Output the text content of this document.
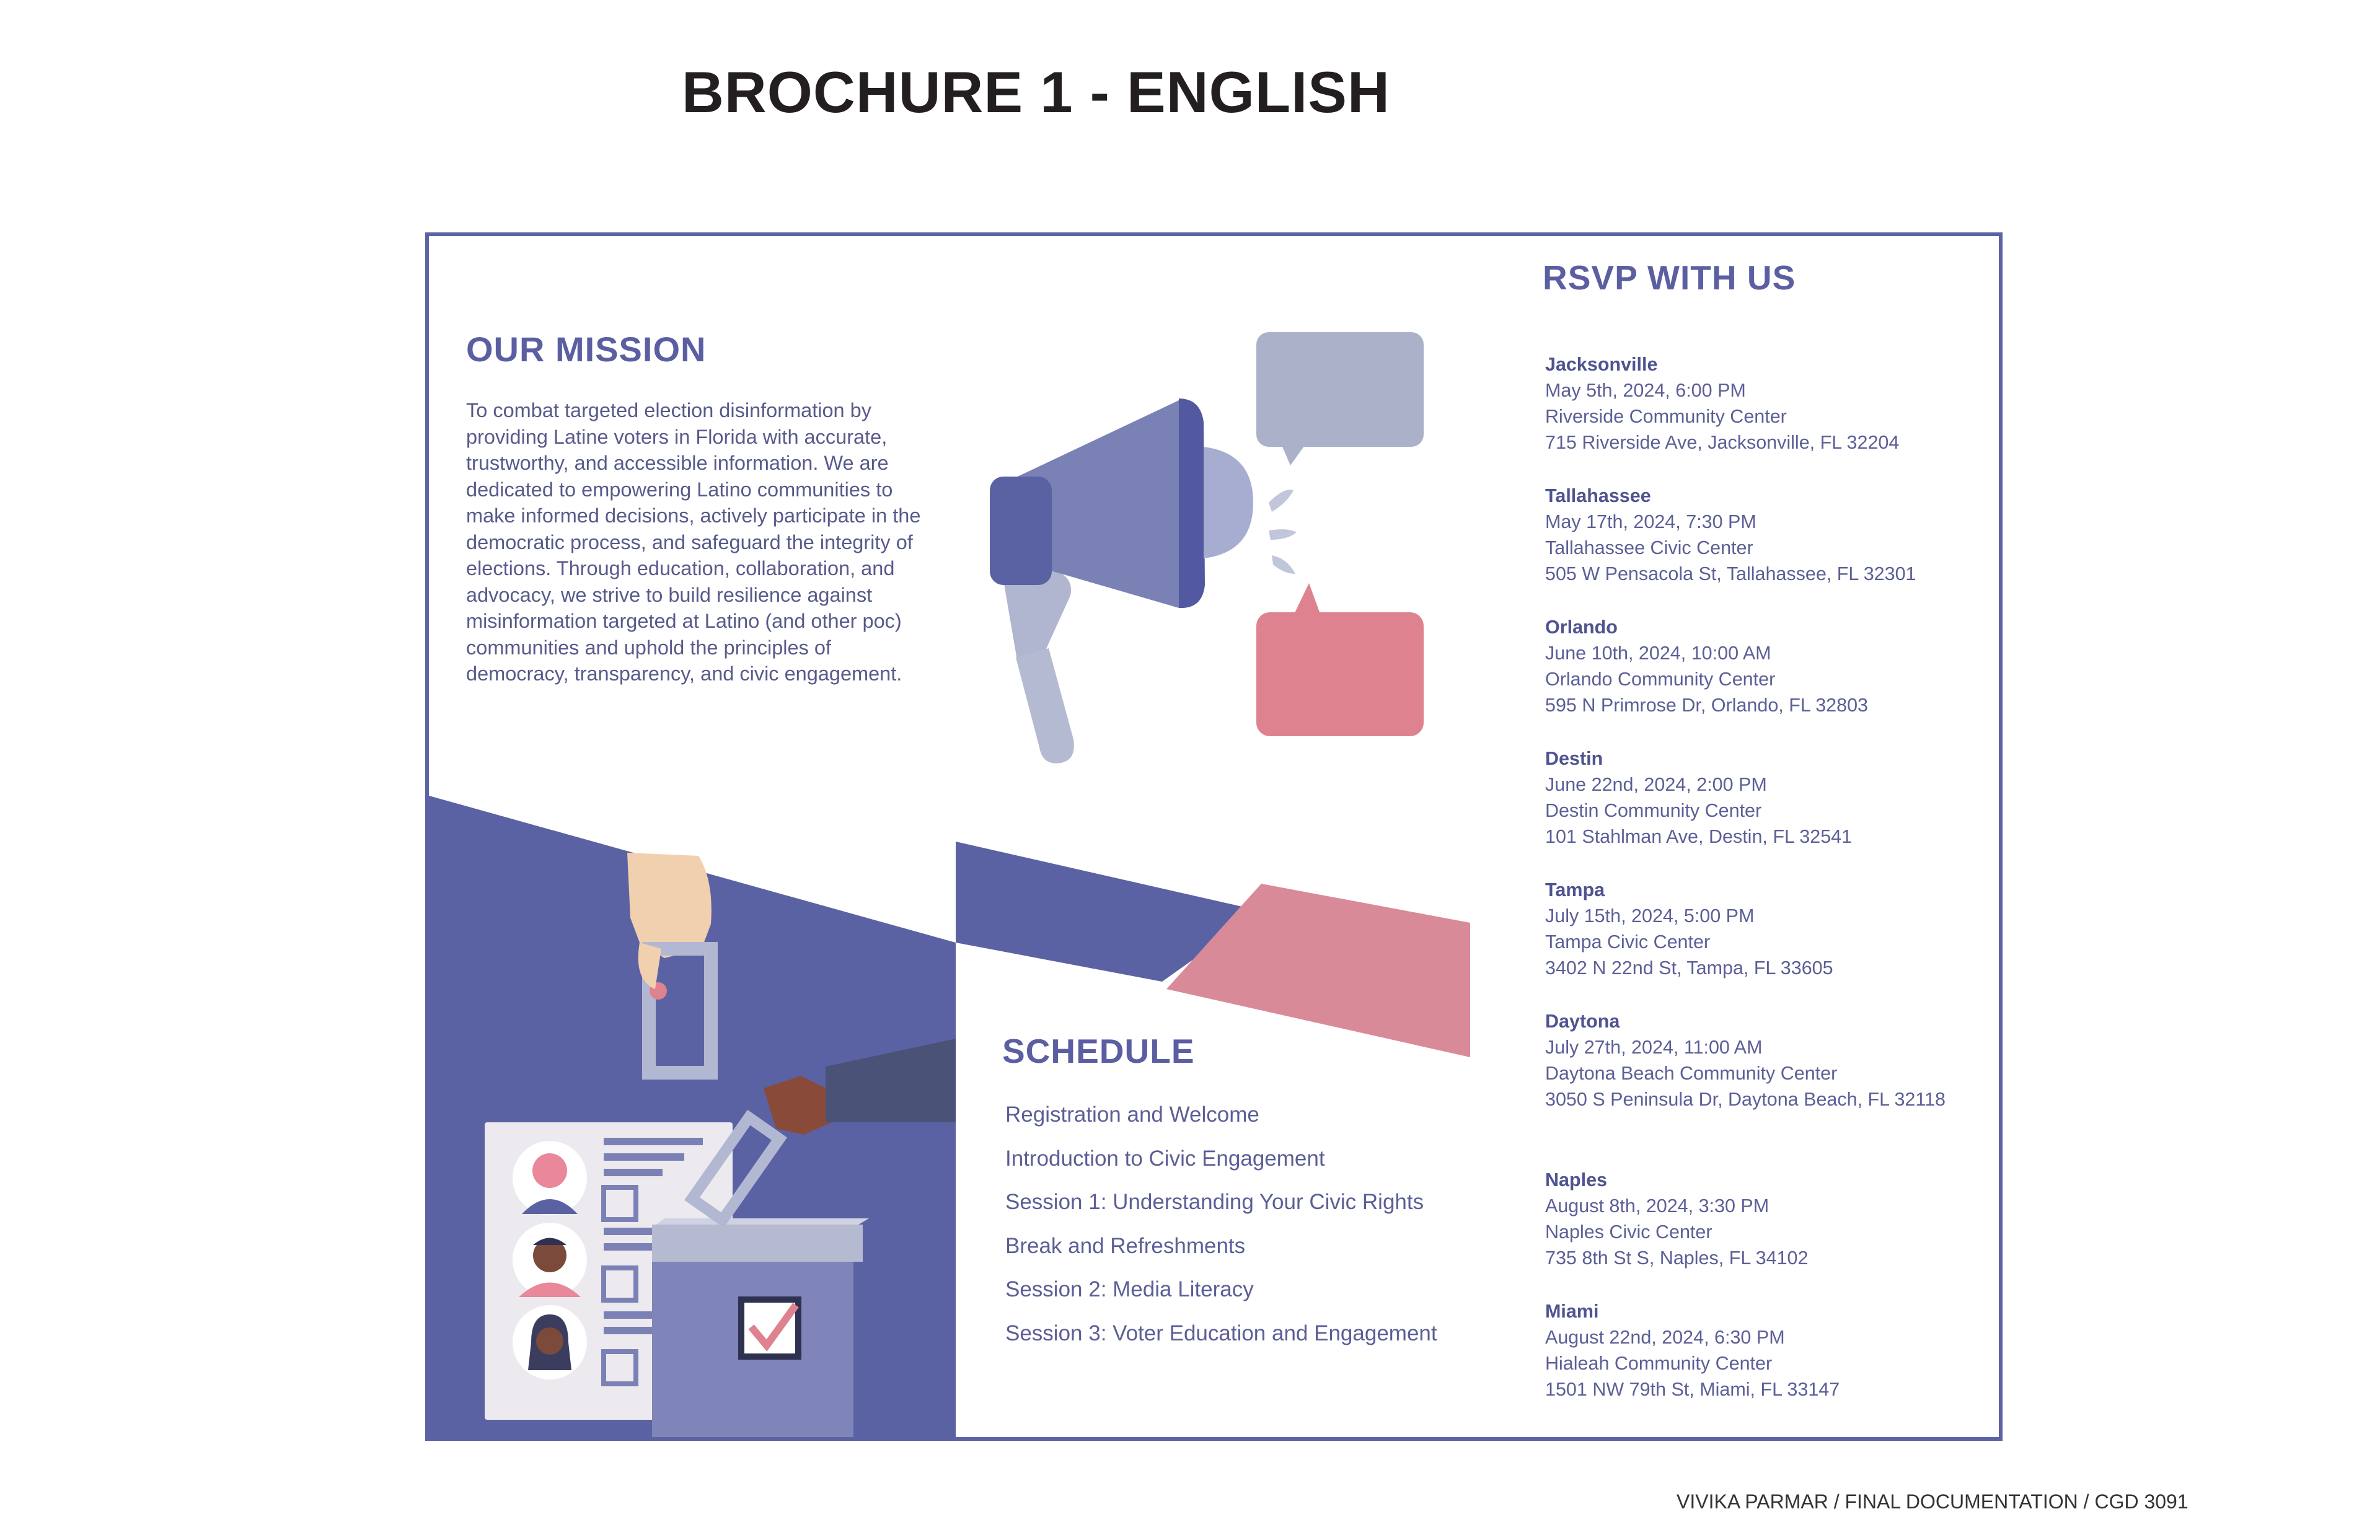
BROCHURE 1 - ENGLISH
OUR MISSION

To combat targeted election disinformation by providing Latine voters in Florida with accurate, trustworthy, and accessible information. We are dedicated to empowering Latino communities to make informed decisions, actively participate in the democratic process, and safeguard the integrity of elections. Through education, collaboration, and advocacy, we strive to build resilience against misinformation targeted at Latino (and other poc) communities and uphold the principles of democracy, transparency, and civic engagement.

SCHEDULE
Registration and Welcome
Introduction to Civic Engagement
Session 1: Understanding Your Civic Rights
Break and Refreshments
Session 2: Media Literacy
Session 3: Voter Education and Engagement
RSVP WITH US
Jacksonville
May 5th, 2024, 6:00 PM
Riverside Community Center
715 Riverside Ave, Jacksonville, FL 32204
Tallahassee
May 17th, 2024, 7:30 PM
Tallahassee Civic Center
505 W Pensacola St, Tallahassee, FL 32301
Orlando
June 10th, 2024, 10:00 AM
Orlando Community Center
595 N Primrose Dr, Orlando, FL 32803
Destin
June 22nd, 2024, 2:00 PM
Destin Community Center
101 Stahlman Ave, Destin, FL 32541
Tampa
July 15th, 2024, 5:00 PM
Tampa Civic Center
3402 N 22nd St, Tampa, FL 33605
Daytona
July 27th, 2024, 11:00 AM
Daytona Beach Community Center
3050 S Peninsula Dr, Daytona Beach, FL 32118
Naples
August 8th, 2024, 3:30 PM
Naples Civic Center
735 8th St S, Naples, FL 34102
Miami
August 22nd, 2024, 6:30 PM
Hialeah Community Center
1501 NW 79th St, Miami, FL 33147
VIVIKA PARMAR / FINAL DOCUMENTATION / CGD 3091
